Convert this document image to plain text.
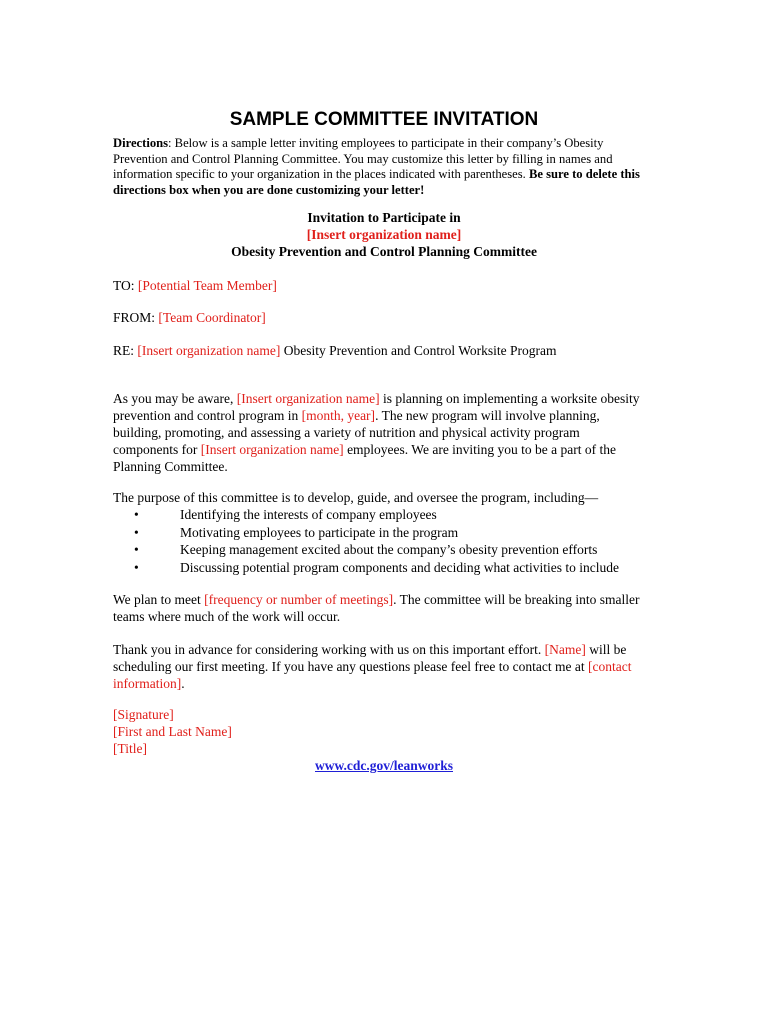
SAMPLE COMMITTEE INVITATION

Directions: Below is a sample letter inviting employees to participate in their company’s Obesity Prevention and Control Planning Committee. You may customize this letter by filling in names and information specific to your organization in the places indicated with parentheses. Be sure to delete this directions box when you are done customizing your letter!

Invitation to Participate in
[Insert organization name]
Obesity Prevention and Control Planning Committee

TO: [Potential Team Member]

FROM: [Team Coordinator]

RE: [Insert organization name] Obesity Prevention and Control Worksite Program

As you may be aware, [Insert organization name] is planning on implementing a worksite obesity prevention and control program in [month, year]. The new program will involve planning, building, promoting, and assessing a variety of nutrition and physical activity program components for [Insert organization name] employees. We are inviting you to be a part of the Planning Committee.

The purpose of this committee is to develop, guide, and oversee the program, including—

•	Identifying the interests of company employees
•	Motivating employees to participate in the program
•	Keeping management excited about the company’s obesity prevention efforts
•	Discussing potential program components and deciding what activities to include

We plan to meet [frequency or number of meetings]. The committee will be breaking into smaller teams where much of the work will occur.

Thank you in advance for considering working with us on this important effort. [Name] will be scheduling our first meeting. If you have any questions please feel free to contact me at [contact information].

[Signature]
[First and Last Name]
[Title]

www.cdc.gov/leanworks
